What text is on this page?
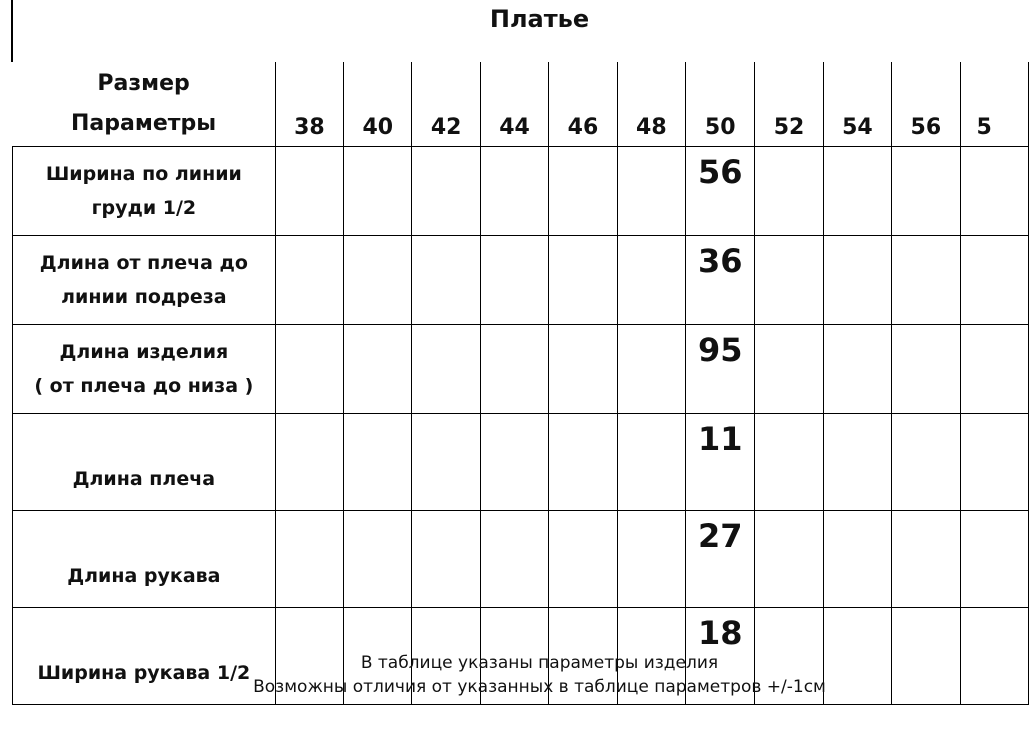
Платье
Размер
Параметры	38	40	42	44	46	48	50	52	54	56	5

Ширина по линии
груди 1/2							56				

Длина от плеча до
линии подреза							36				

Длина изделия
( от плеча до низа )							95				

Длина плеча							11				

Длина рукава							27				

Ширина рукава 1/2							18				
В таблице указаны параметры изделия
Возможны отличия от указанных в таблице параметров +/-1см
